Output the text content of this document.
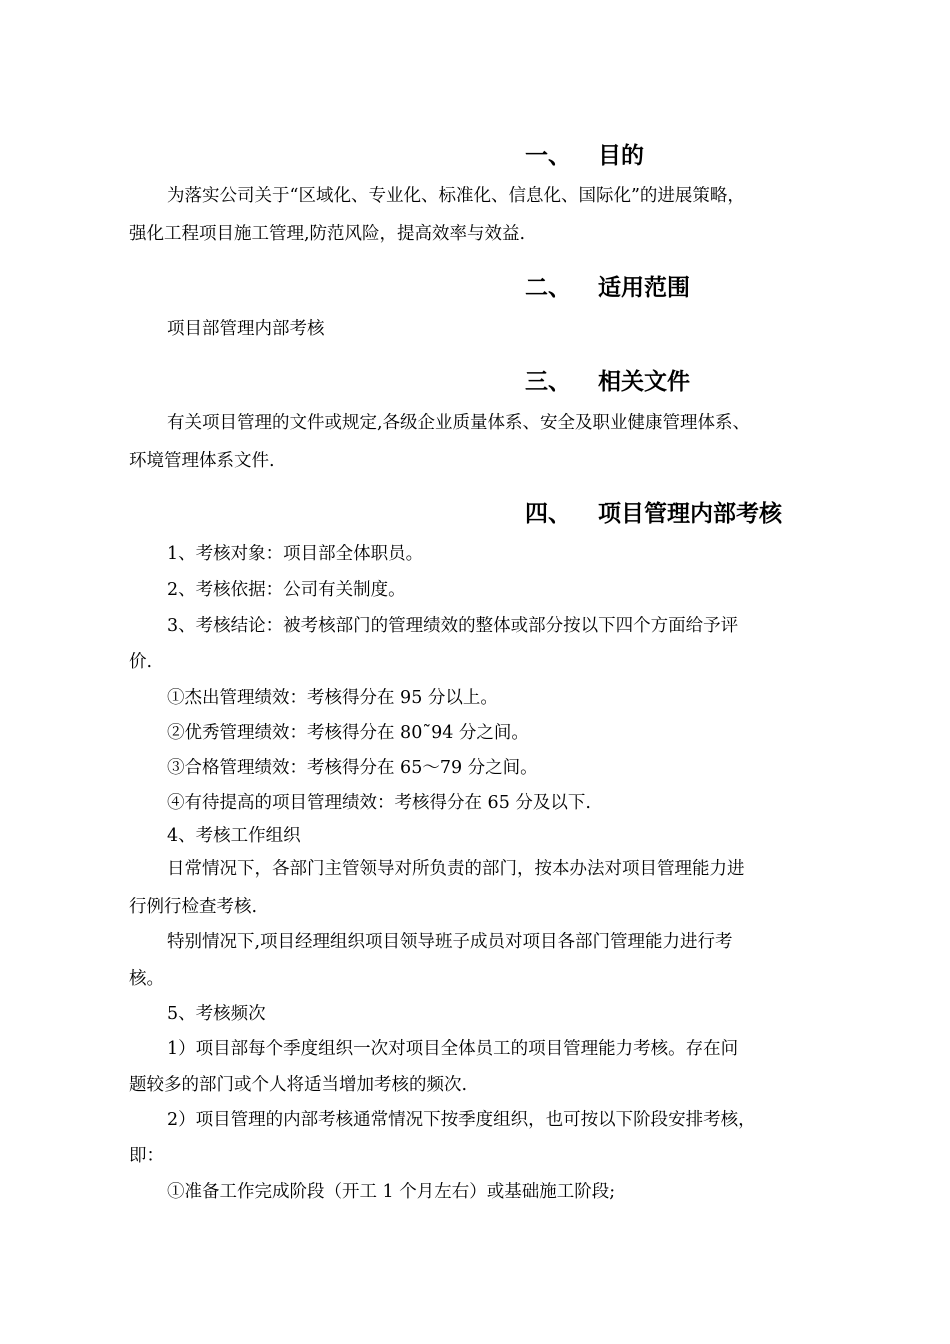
一、 目的
二、 适用范围
三、 相关文件
四、 项目管理内部考核
为落实公司关于“区域化、专业化、标准化、信息化、国际化”的进展策略，
强化工程项目施工管理,防范风险，提高效率与效益.
项目部管理内部考核
有关项目管理的文件或规定,各级企业质量体系、安全及职业健康管理体系、
环境管理体系文件.
1、考核对象：项目部全体职员。
2、考核依据：公司有关制度。
3、考核结论：被考核部门的管理绩效的整体或部分按以下四个方面给予评
价.
①杰出管理绩效：考核得分在 95 分以上。
②优秀管理绩效：考核得分在 80˜94 分之间。
③合格管理绩效：考核得分在 65～79 分之间。
④有待提高的项目管理绩效：考核得分在 65 分及以下.
4、考核工作组织
日常情况下，各部门主管领导对所负责的部门，按本办法对项目管理能力进
行例行检查考核.
特别情况下,项目经理组织项目领导班子成员对项目各部门管理能力进行考
核。
5、考核频次
1）项目部每个季度组织一次对项目全体员工的项目管理能力考核。存在问
题较多的部门或个人将适当增加考核的频次.
2）项目管理的内部考核通常情况下按季度组织，也可按以下阶段安排考核，
即：
①准备工作完成阶段（开工 1 个月左右）或基础施工阶段;
